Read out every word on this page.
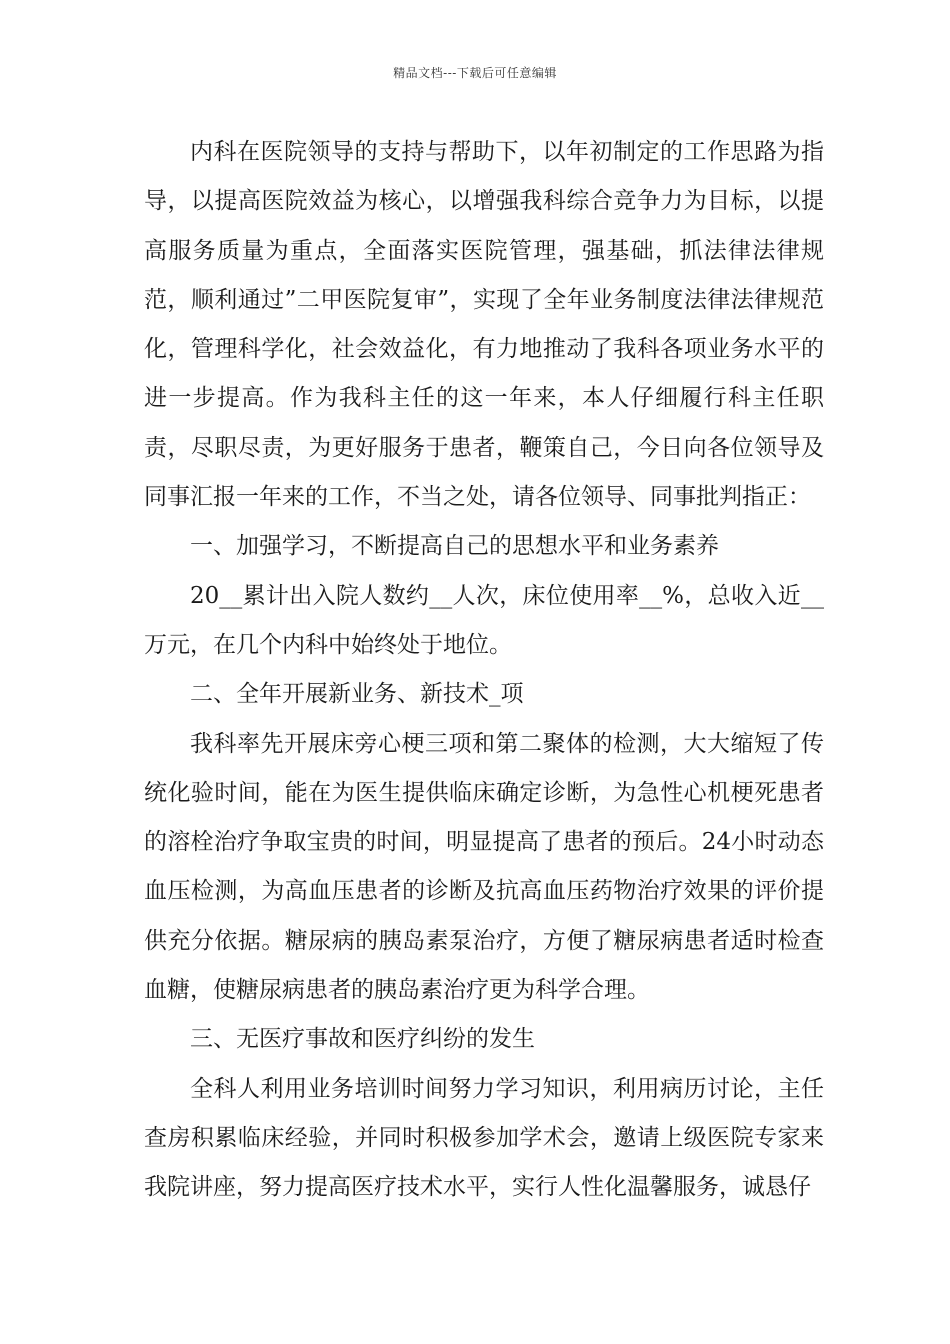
精品文档---下载后可任意编辑

内科在医院领导的支持与帮助下，以年初制定的工作思路为指导，以提高医院效益为核心，以增强我科综合竞争力为目标，以提高服务质量为重点，全面落实医院管理，强基础，抓法律法律规范，顺利通过”二甲医院复审”，实现了全年业务制度法律法律规范化，管理科学化，社会效益化，有力地推动了我科各项业务水平的进一步提高。作为我科主任的这一年来，本人仔细履行科主任职责，尽职尽责，为更好服务于患者，鞭策自己，今日向各位领导及同事汇报一年来的工作，不当之处，请各位领导、同事批判指正：

一、加强学习，不断提高自己的思想水平和业务素养

20__累计出入院人数约__人次，床位使用率__%，总收入近__万元，在几个内科中始终处于地位。

二、全年开展新业务、新技术_项

我科率先开展床旁心梗三项和第二聚体的检测，大大缩短了传统化验时间，能在为医生提供临床确定诊断，为急性心机梗死患者的溶栓治疗争取宝贵的时间，明显提高了患者的预后。24小时动态血压检测，为高血压患者的诊断及抗高血压药物治疗效果的评价提供充分依据。糖尿病的胰岛素泵治疗，方便了糖尿病患者适时检查血糖，使糖尿病患者的胰岛素治疗更为科学合理。

三、无医疗事故和医疗纠纷的发生

全科人利用业务培训时间努力学习知识，利用病历讨论，主任查房积累临床经验，并同时积极参加学术会，邀请上级医院专家来我院讲座，努力提高医疗技术水平，实行人性化温馨服务，诚恳仔
